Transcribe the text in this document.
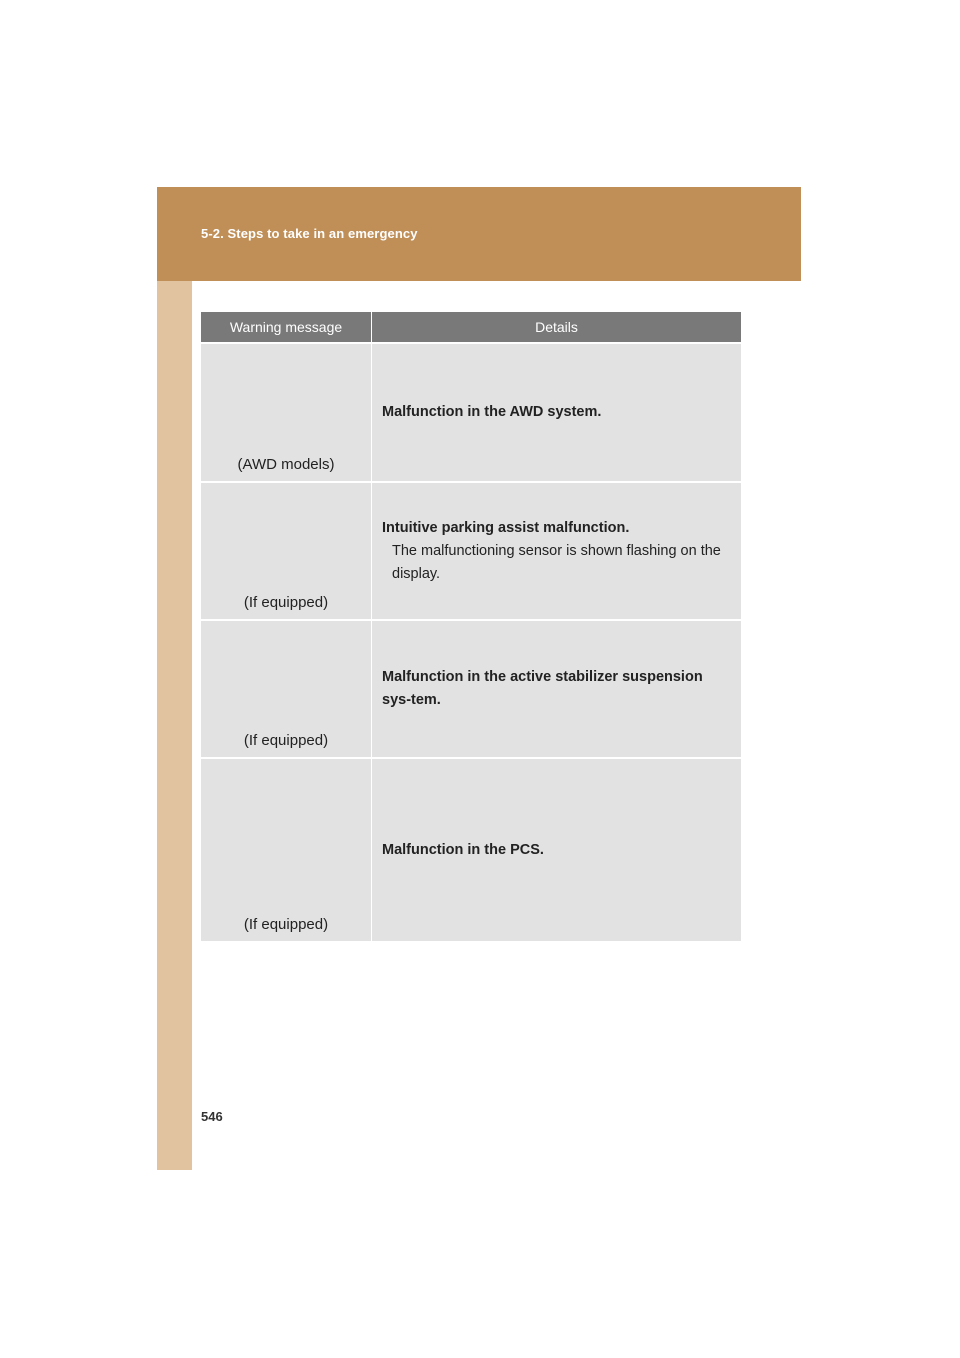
5-2. Steps to take in an emergency
Warning message	Details
(AWD models)
Malfunction in the AWD system.
(If equipped)
Intuitive parking assist malfunction.
The malfunctioning sensor is shown flashing on the display.
(If equipped)
Malfunction in the active stabilizer suspension sys-tem.
(If equipped)
Malfunction in the PCS.
546
